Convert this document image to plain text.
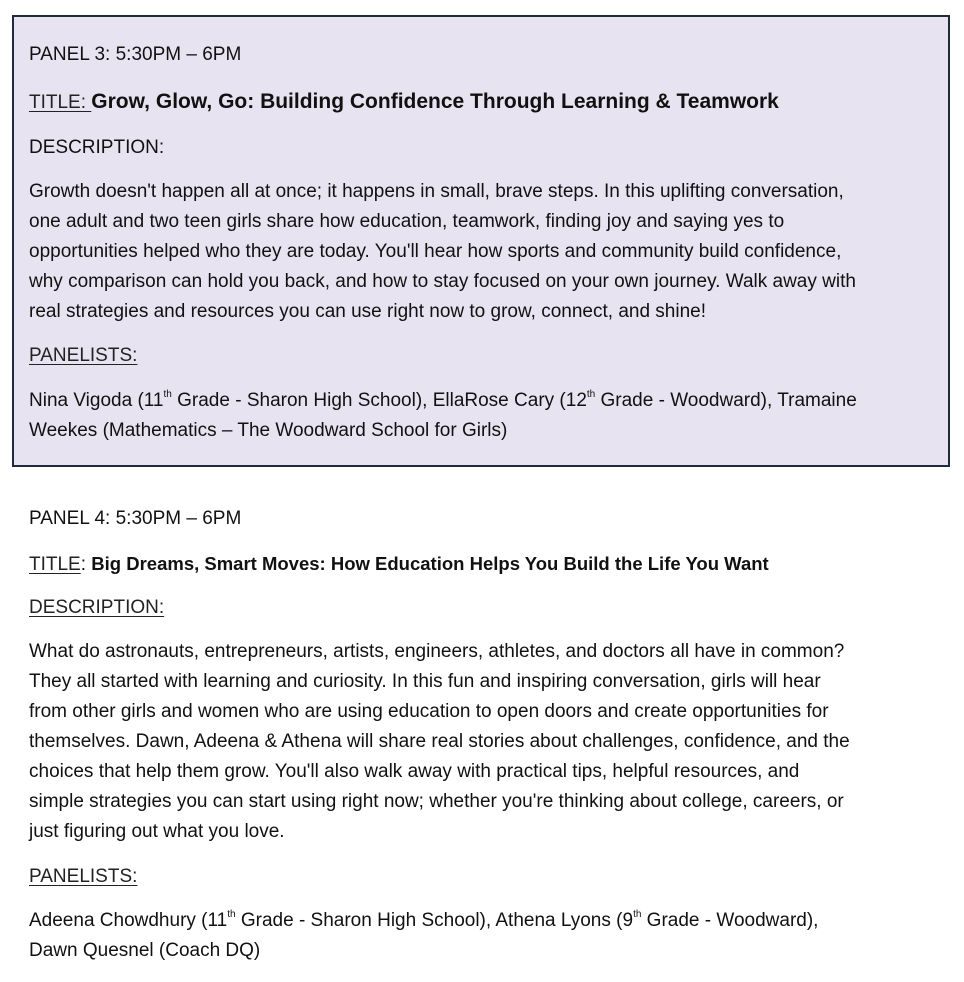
PANEL 3: 5:30PM – 6PM
TITLE: Grow, Glow, Go: Building Confidence Through Learning & Teamwork
DESCRIPTION:
Growth doesn't happen all at once; it happens in small, brave steps. In this uplifting conversation,
one adult and two teen girls share how education, teamwork, finding joy and saying yes to
opportunities helped who they are today. You'll hear how sports and community build confidence,
why comparison can hold you back, and how to stay focused on your own journey. Walk away with
real strategies and resources you can use right now to grow, connect, and shine!
PANELISTS:
Nina Vigoda (11th Grade - Sharon High School), EllaRose Cary (12th Grade - Woodward), Tramaine
Weekes (Mathematics – The Woodward School for Girls)
PANEL 4: 5:30PM – 6PM
TITLE: Big Dreams, Smart Moves: How Education Helps You Build the Life You Want
DESCRIPTION:
What do astronauts, entrepreneurs, artists, engineers, athletes, and doctors all have in common?
They all started with learning and curiosity. In this fun and inspiring conversation, girls will hear
from other girls and women who are using education to open doors and create opportunities for
themselves. Dawn, Adeena & Athena will share real stories about challenges, confidence, and the
choices that help them grow. You'll also walk away with practical tips, helpful resources, and
simple strategies you can start using right now; whether you're thinking about college, careers, or
just figuring out what you love.
PANELISTS:
Adeena Chowdhury (11th Grade - Sharon High School), Athena Lyons (9th Grade - Woodward),
Dawn Quesnel (Coach DQ)
